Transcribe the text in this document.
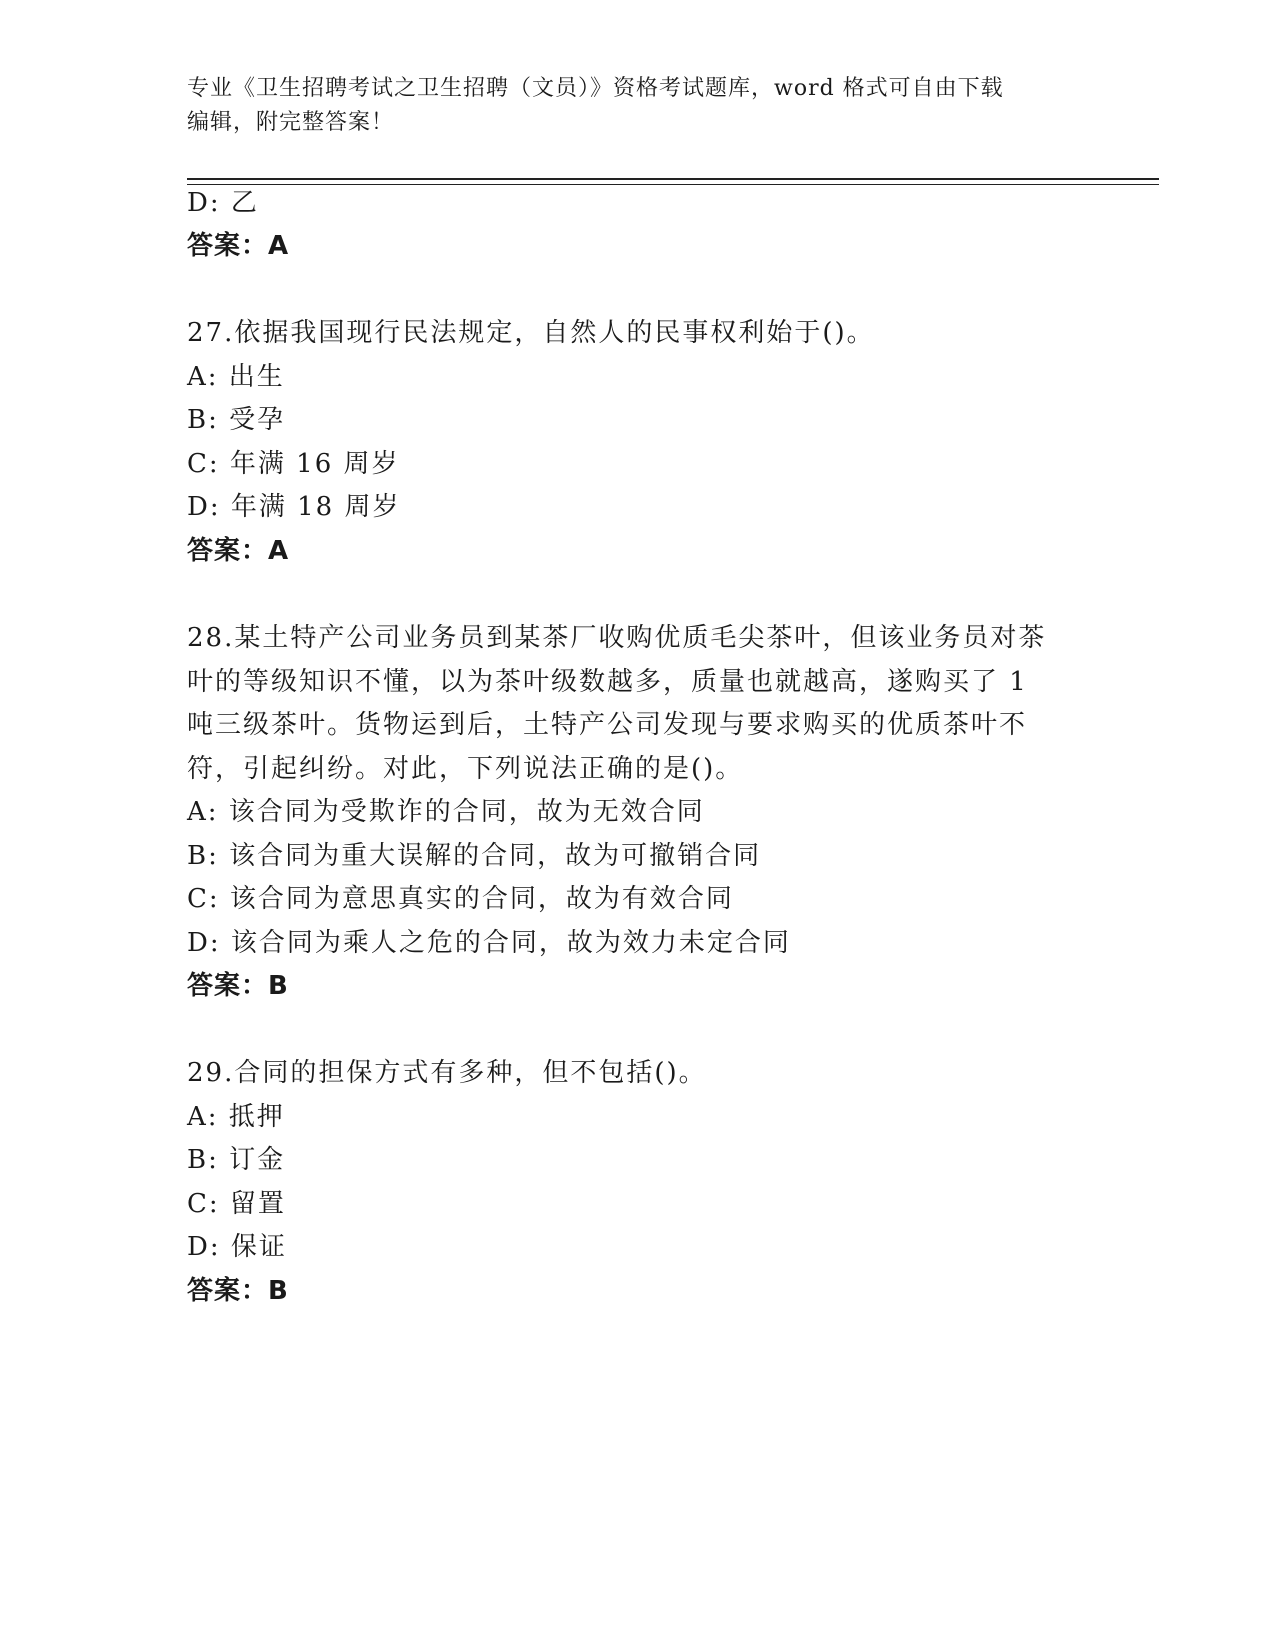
专业《卫生招聘考试之卫生招聘（文员）》资格考试题库，word 格式可自由下载
编辑，附完整答案！
D: 乙
答案：A
27.依据我国现行民法规定，自然人的民事权利始于()。
A: 出生
B: 受孕
C: 年满 16 周岁
D: 年满 18 周岁
答案：A
28.某土特产公司业务员到某茶厂收购优质毛尖茶叶，但该业务员对茶
叶的等级知识不懂，以为茶叶级数越多，质量也就越高，遂购买了 1
吨三级茶叶。货物运到后，土特产公司发现与要求购买的优质茶叶不
符，引起纠纷。对此，下列说法正确的是()。
A: 该合同为受欺诈的合同，故为无效合同
B: 该合同为重大误解的合同，故为可撤销合同
C: 该合同为意思真实的合同，故为有效合同
D: 该合同为乘人之危的合同，故为效力未定合同
答案：B
29.合同的担保方式有多种，但不包括()。
A: 抵押
B: 订金
C: 留置
D: 保证
答案：B
